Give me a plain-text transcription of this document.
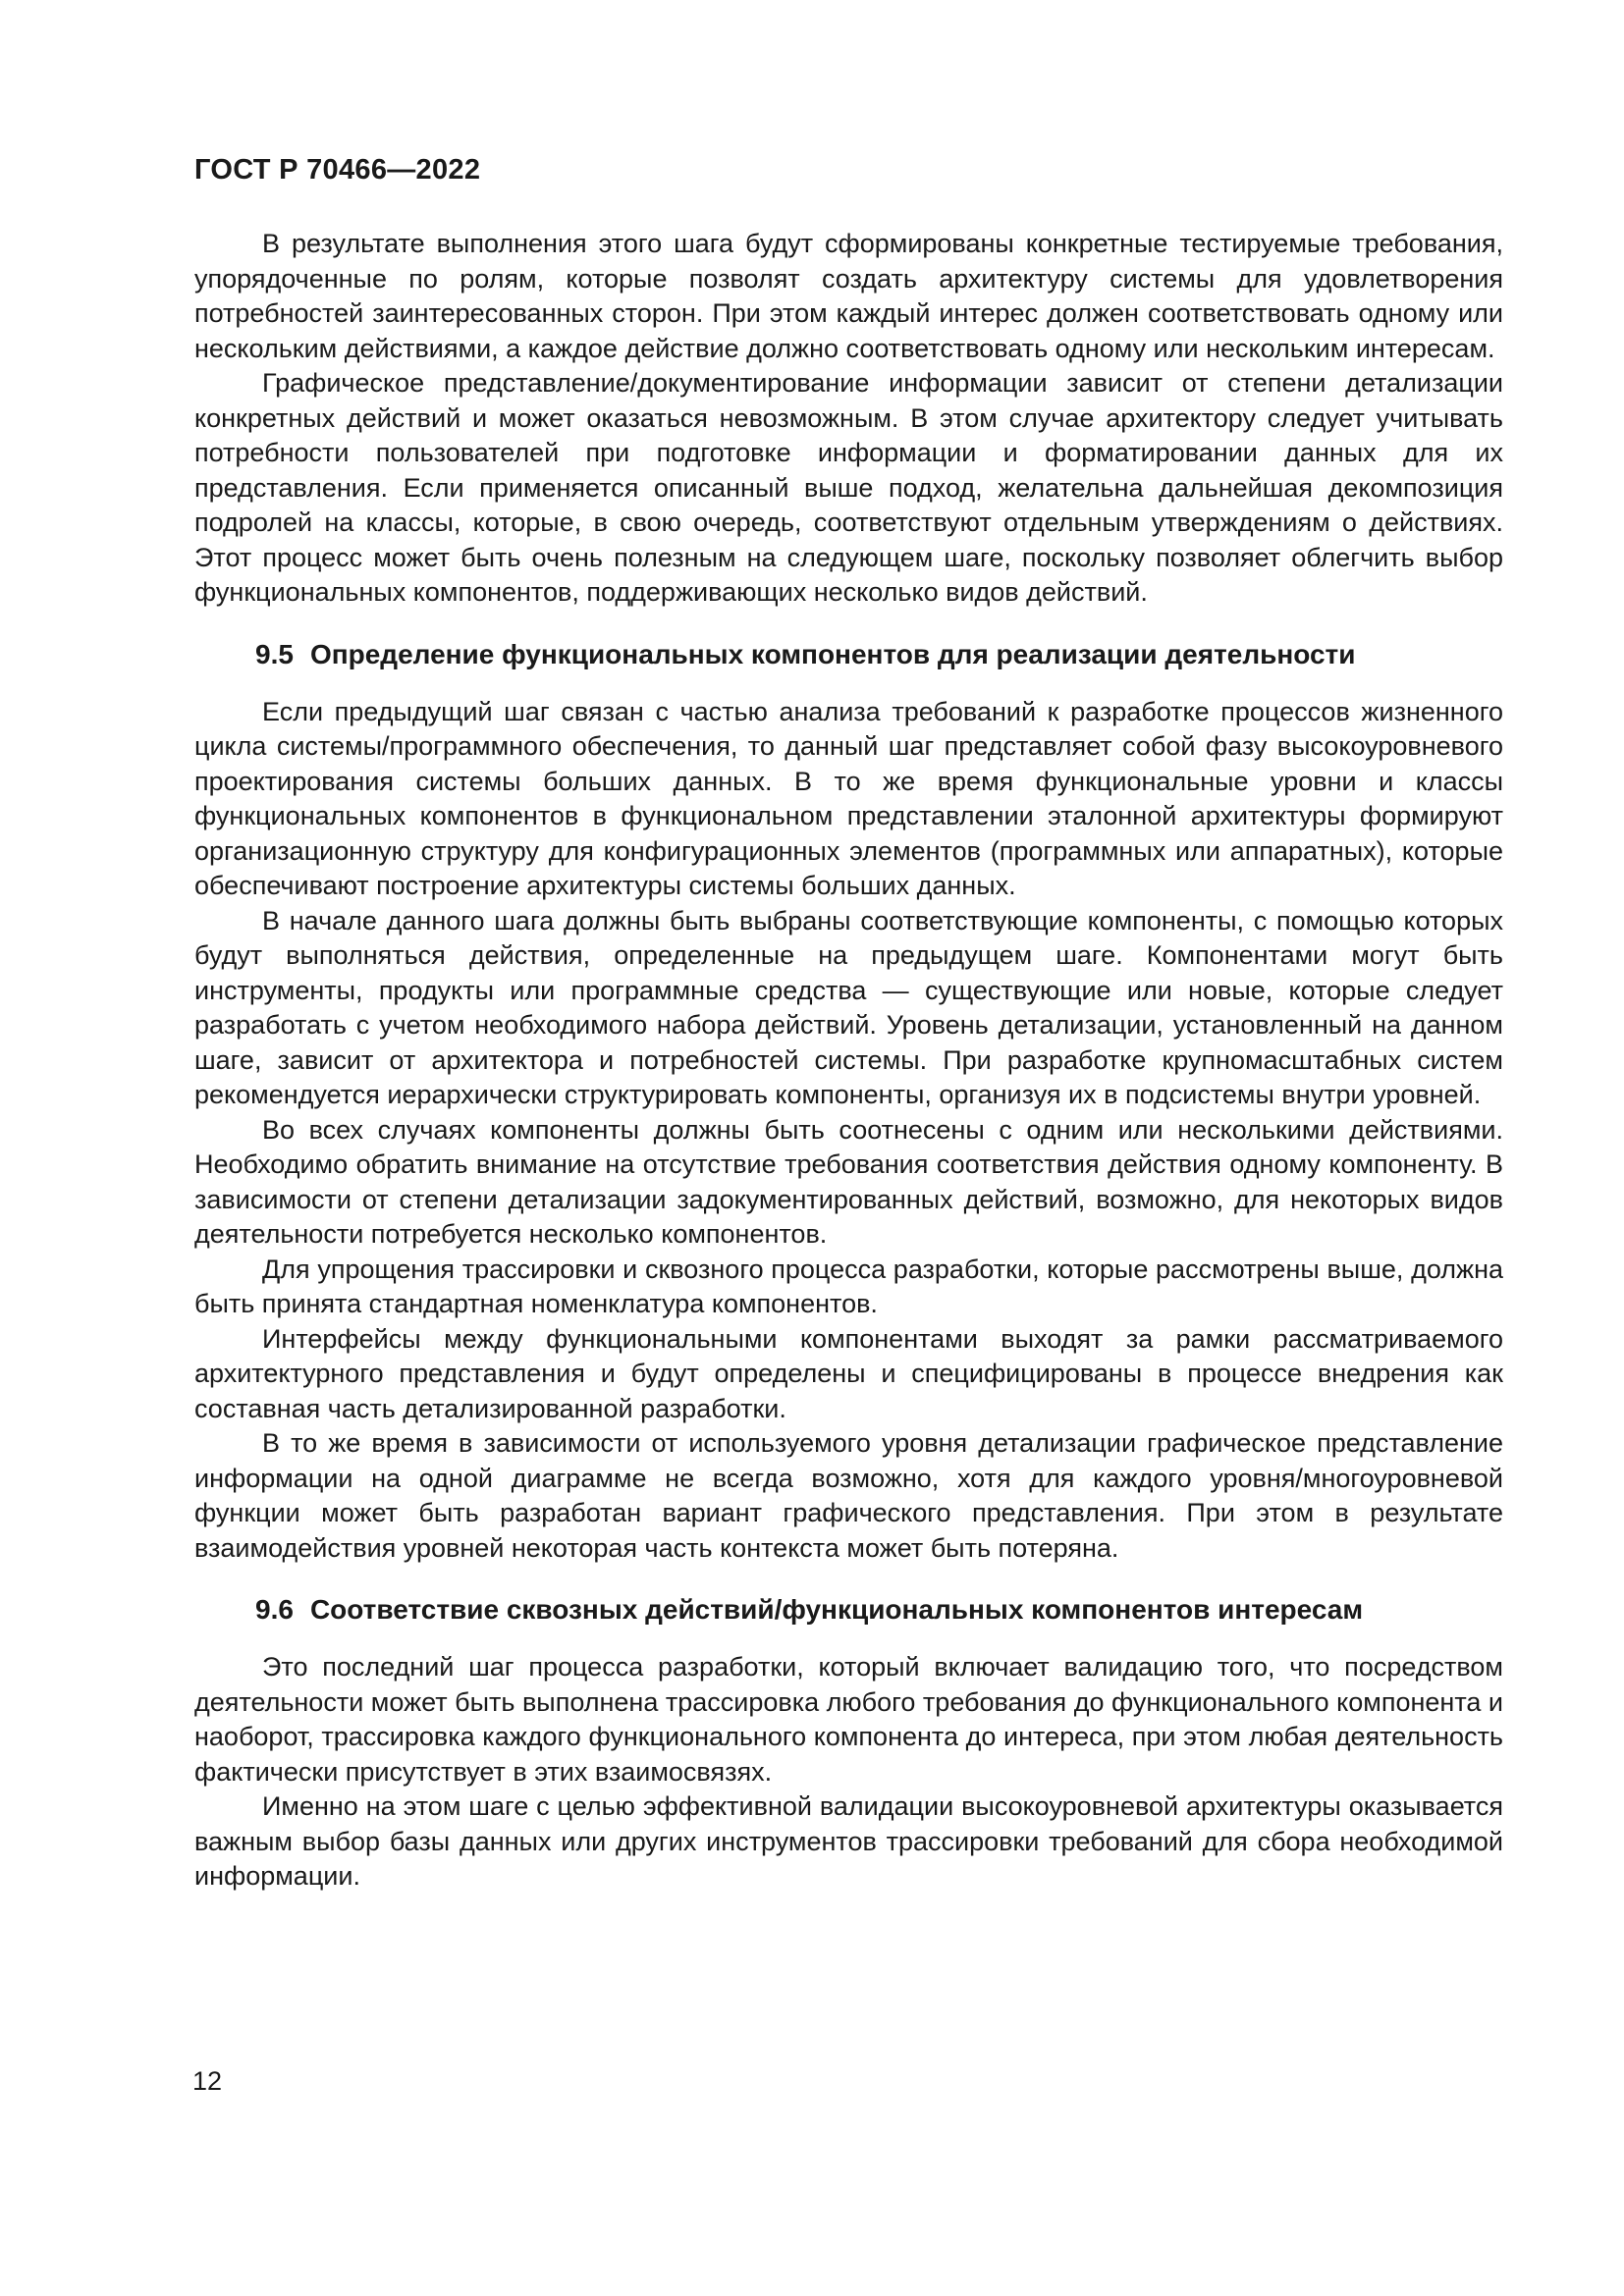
ГОСТ Р 70466—2022

В результате выполнения этого шага будут сформированы конкретные тестируемые требования, упорядоченные по ролям, которые позволят создать архитектуру системы для удовлетворения потребностей заинтересованных сторон. При этом каждый интерес должен соответствовать одному или нескольким действиями, а каждое действие должно соответствовать одному или нескольким интересам.

Графическое представление/документирование информации зависит от степени детализации конкретных действий и может оказаться невозможным. В этом случае архитектору следует учитывать потребности пользователей при подготовке информации и форматировании данных для их представления. Если применяется описанный выше подход, желательна дальнейшая декомпозиция подролей на классы, которые, в свою очередь, соответствуют отдельным утверждениям о действиях. Этот процесс может быть очень полезным на следующем шаге, поскольку позволяет облегчить выбор функциональных компонентов, поддерживающих несколько видов действий.

9.5 Определение функциональных компонентов для реализации деятельности

Если предыдущий шаг связан с частью анализа требований к разработке процессов жизненного цикла системы/программного обеспечения, то данный шаг представляет собой фазу высокоуровневого проектирования системы больших данных. В то же время функциональные уровни и классы функциональных компонентов в функциональном представлении эталонной архитектуры формируют организационную структуру для конфигурационных элементов (программных или аппаратных), которые обеспечивают построение архитектуры системы больших данных.

В начале данного шага должны быть выбраны соответствующие компоненты, с помощью которых будут выполняться действия, определенные на предыдущем шаге. Компонентами могут быть инструменты, продукты или программные средства — существующие или новые, которые следует разработать с учетом необходимого набора действий. Уровень детализации, установленный на данном шаге, зависит от архитектора и потребностей системы. При разработке крупномасштабных систем рекомендуется иерархически структурировать компоненты, организуя их в подсистемы внутри уровней.

Во всех случаях компоненты должны быть соотнесены с одним или несколькими действиями. Необходимо обратить внимание на отсутствие требования соответствия действия одному компоненту. В зависимости от степени детализации задокументированных действий, возможно, для некоторых видов деятельности потребуется несколько компонентов.

Для упрощения трассировки и сквозного процесса разработки, которые рассмотрены выше, должна быть принята стандартная номенклатура компонентов.

Интерфейсы между функциональными компонентами выходят за рамки рассматриваемого архитектурного представления и будут определены и специфицированы в процессе внедрения как составная часть детализированной разработки.

В то же время в зависимости от используемого уровня детализации графическое представление информации на одной диаграмме не всегда возможно, хотя для каждого уровня/многоуровневой функции может быть разработан вариант графического представления. При этом в результате взаимодействия уровней некоторая часть контекста может быть потеряна.

9.6 Соответствие сквозных действий/функциональных компонентов интересам

Это последний шаг процесса разработки, который включает валидацию того, что посредством деятельности может быть выполнена трассировка любого требования до функционального компонента и наоборот, трассировка каждого функционального компонента до интереса, при этом любая деятельность фактически присутствует в этих взаимосвязях.

Именно на этом шаге с целью эффективной валидации высокоуровневой архитектуры оказывается важным выбор базы данных или других инструментов трассировки требований для сбора необходимой информации.

12
